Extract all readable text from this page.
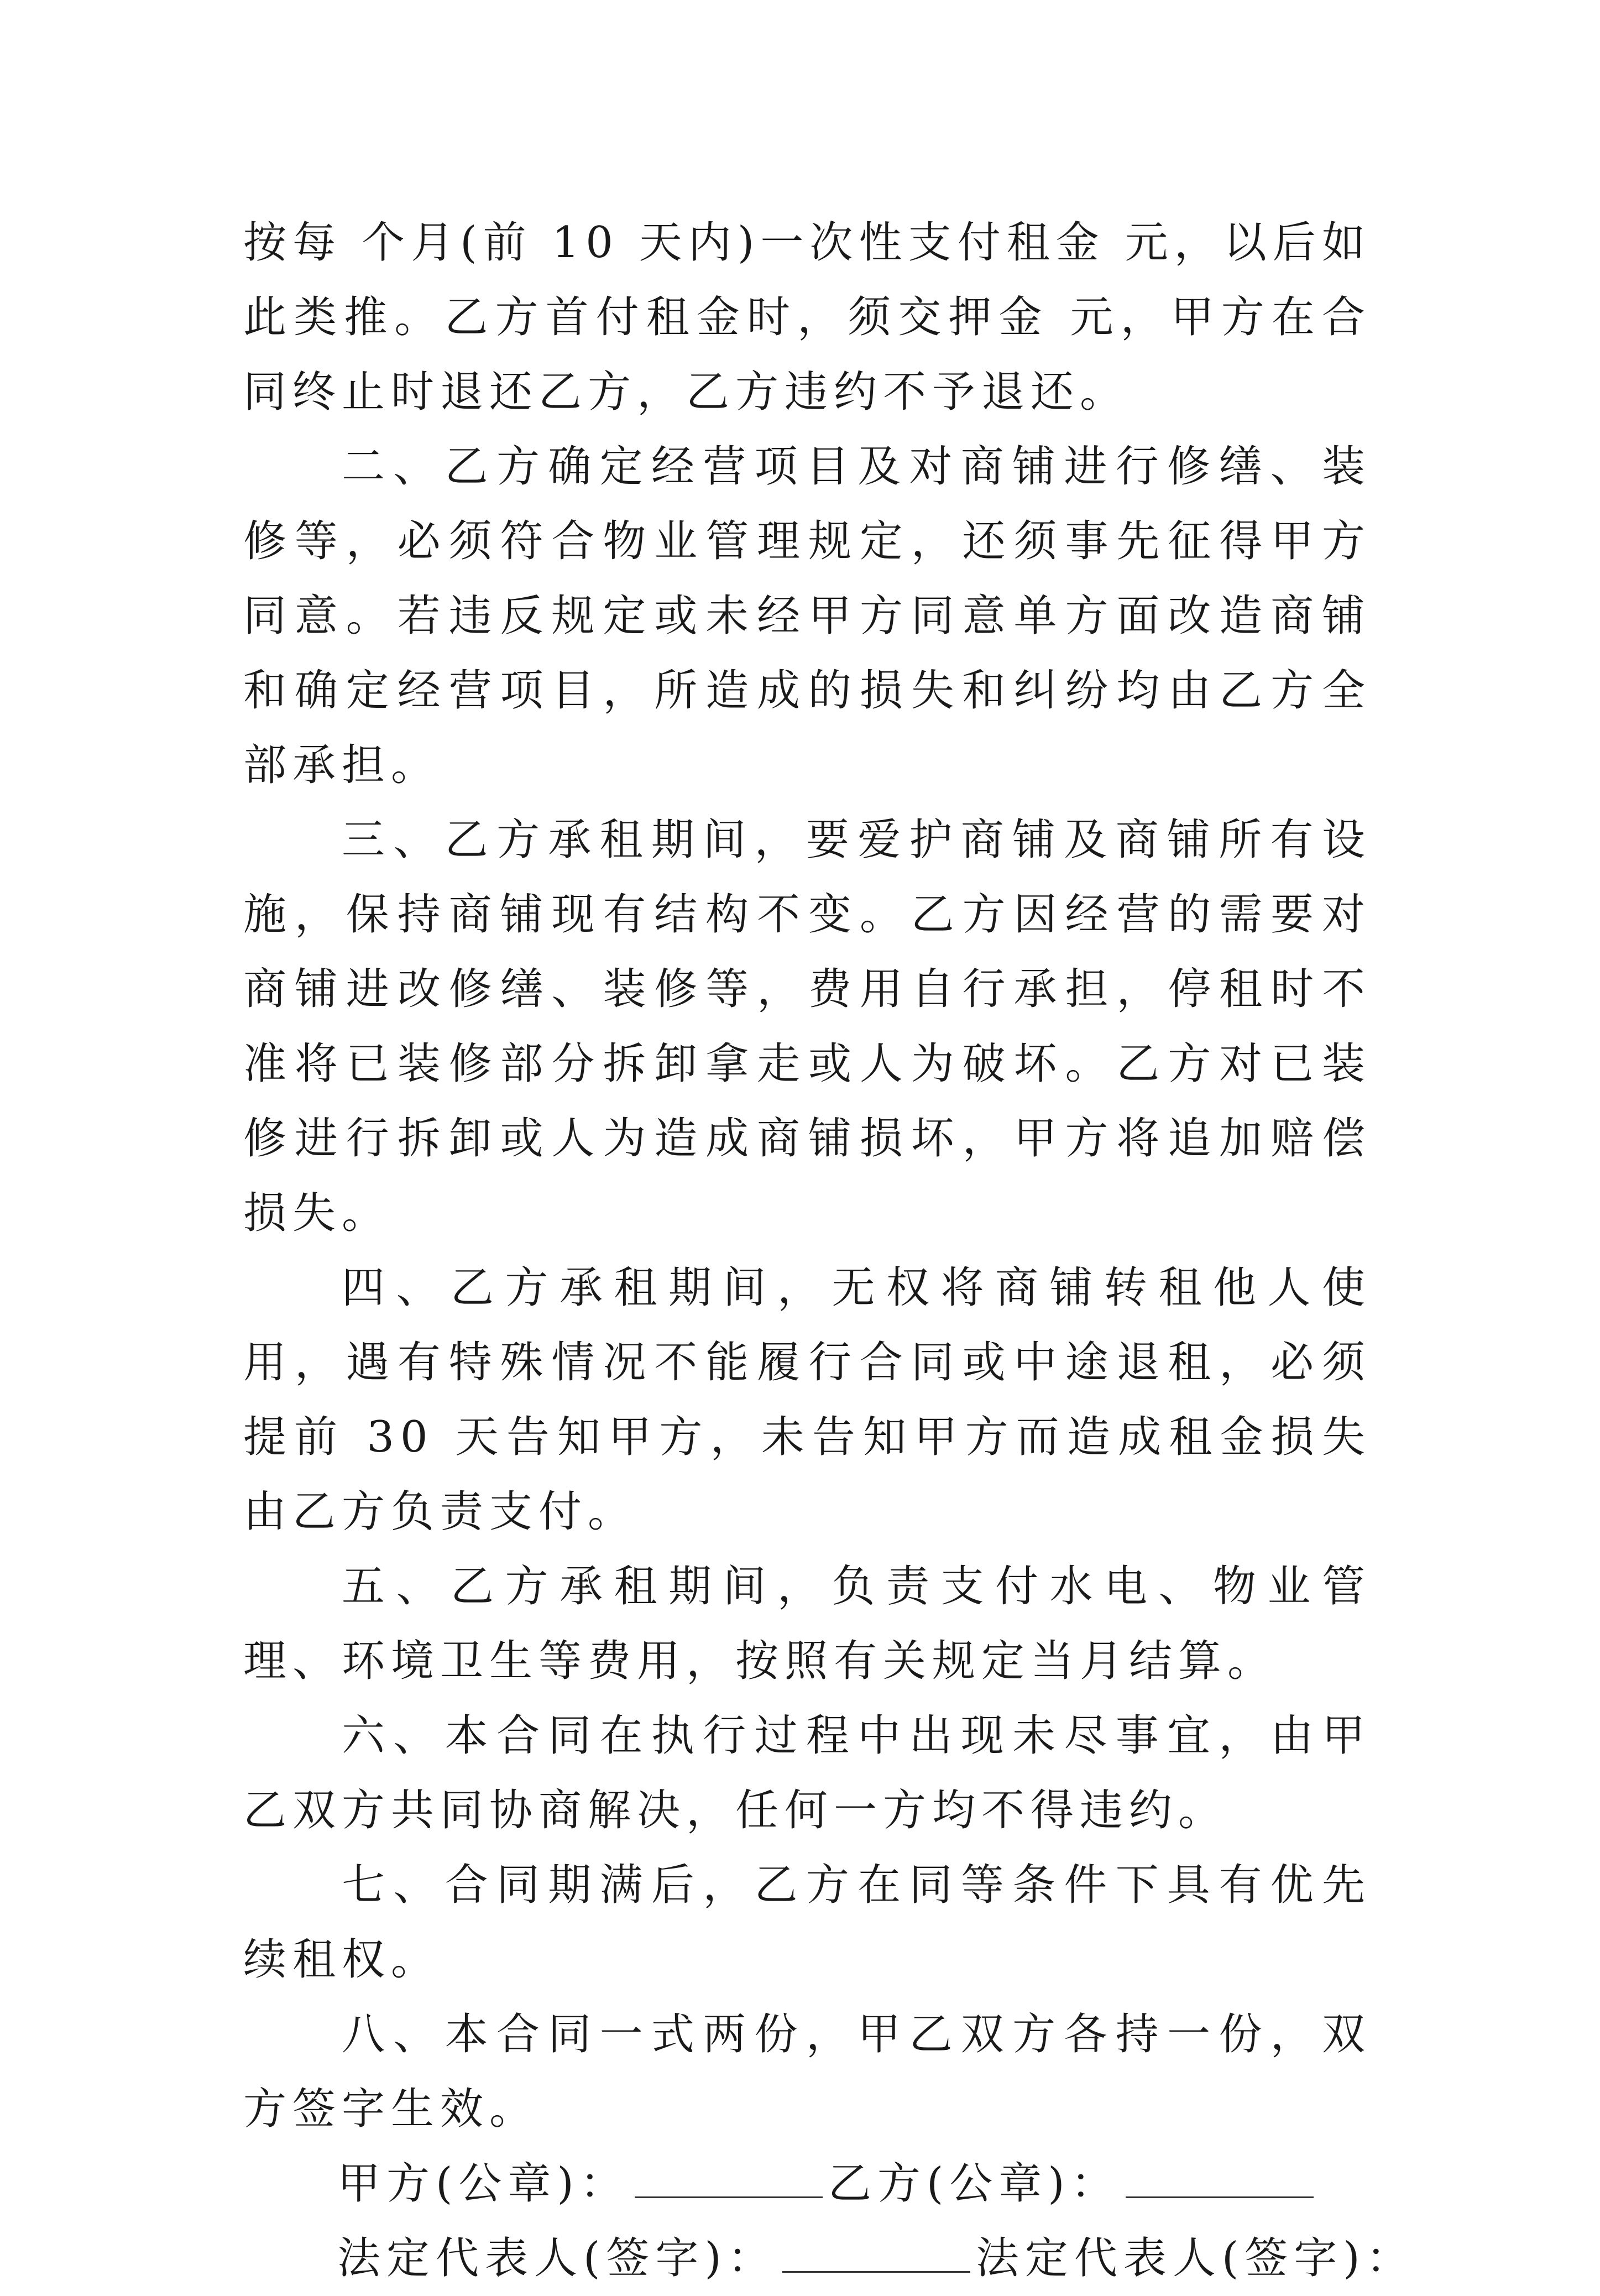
按每 个月(前 10 天内)一次性支付租金 元，以后如此类推。乙方首付租金时，须交押金 元，甲方在合同终止时退还乙方，乙方违约不予退还。

二、乙方确定经营项目及对商铺进行修缮、装修等，必须符合物业管理规定，还须事先征得甲方同意。若违反规定或未经甲方同意单方面改造商铺和确定经营项目，所造成的损失和纠纷均由乙方全部承担。

三、乙方承租期间，要爱护商铺及商铺所有设施，保持商铺现有结构不变。乙方因经营的需要对商铺进改修缮、装修等，费用自行承担，停租时不准将已装修部分拆卸拿走或人为破坏。乙方对已装修进行拆卸或人为造成商铺损坏，甲方将追加赔偿损失。

四、乙方承租期间，无权将商铺转租他人使用，遇有特殊情况不能履行合同或中途退租，必须提前 30 天告知甲方，未告知甲方而造成租金损失由乙方负责支付。

五、乙方承租期间，负责支付水电、物业管理、环境卫生等费用，按照有关规定当月结算。

六、本合同在执行过程中出现未尽事宜，由甲乙双方共同协商解决，任何一方均不得违约。

七、合同期满后，乙方在同等条件下具有优先续租权。

八、本合同一式两份，甲乙双方各持一份，双方签字生效。

甲方(公章)：	乙方(公章)：

法定代表人(签字)：	法定代表人(签字)：
